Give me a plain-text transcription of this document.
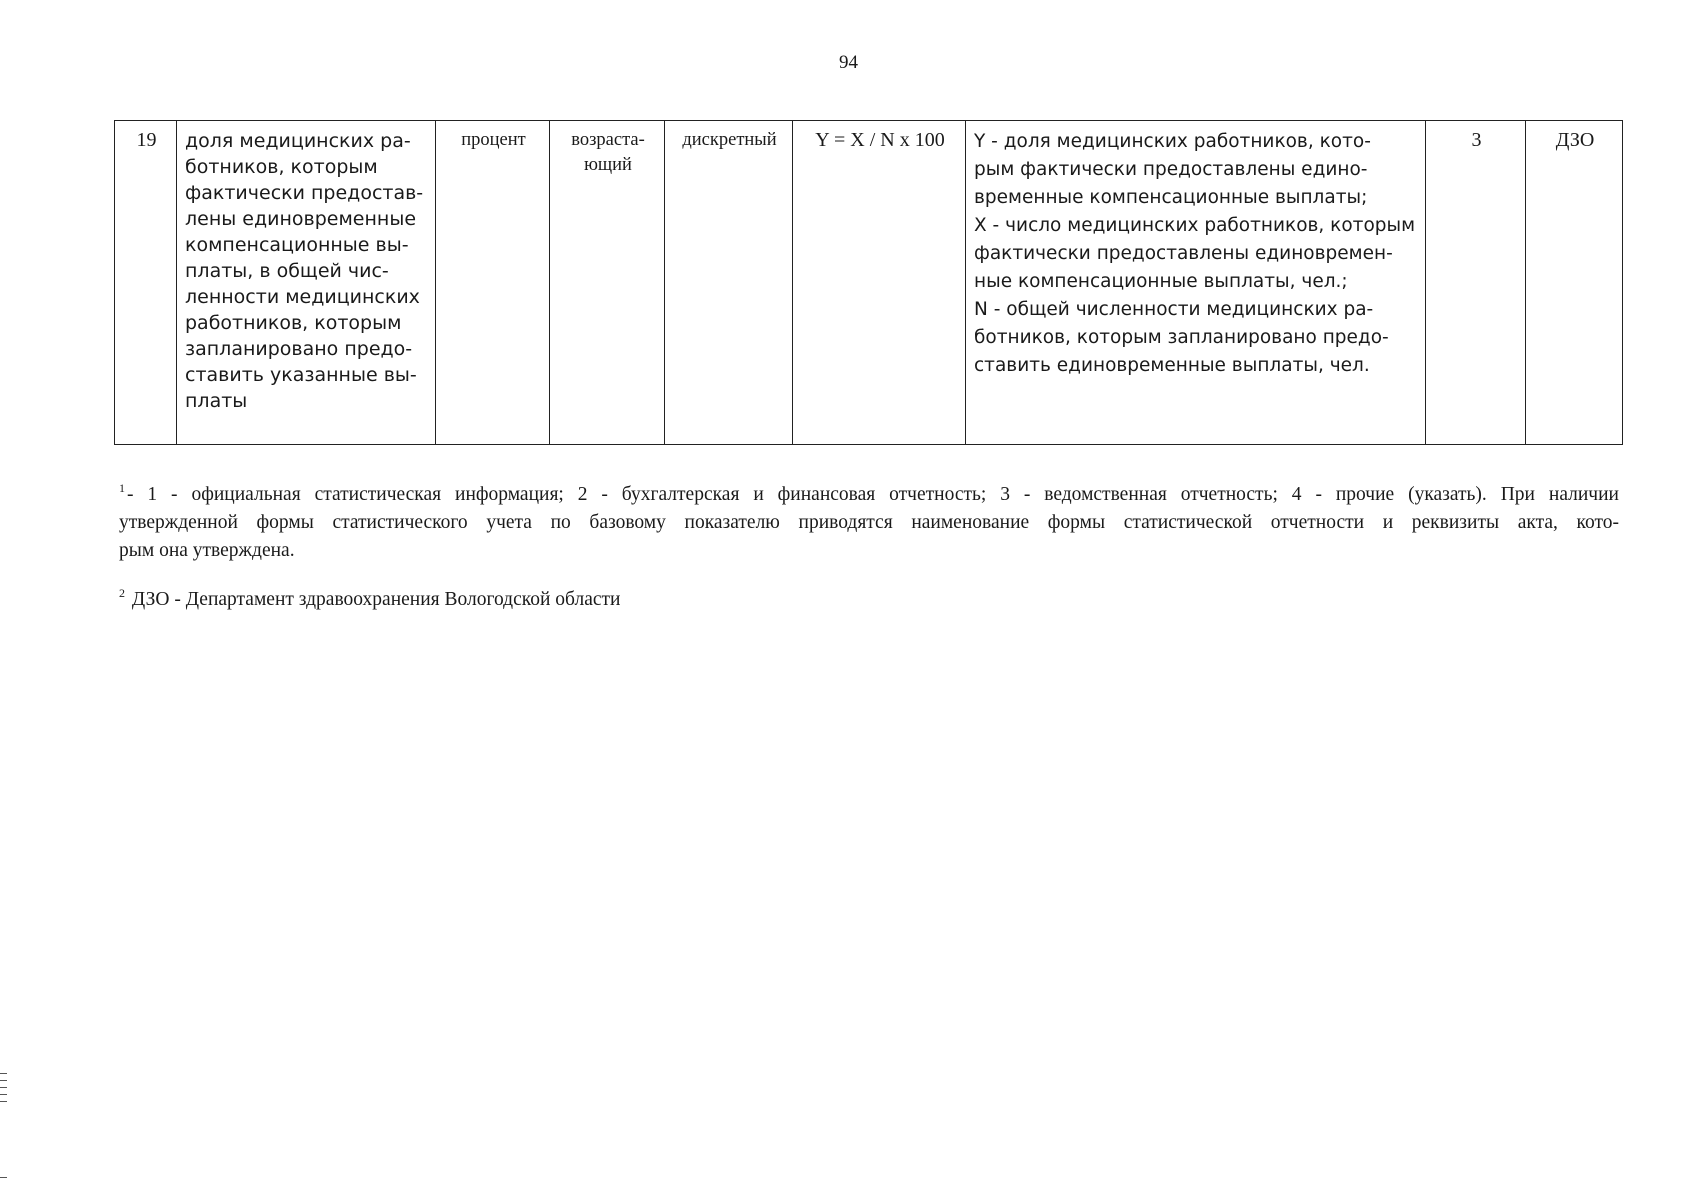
94
19	доля медицинских ра-
ботников, которым
фактически предостав-
лены единовременные
компенсационные вы-
платы, в общей чис-
ленности медицинских
работников, которым
запланировано предо-
ставить указанные вы-
платы
	процент	возраста-
ющий
	дискретный	Y = X / N x 100	Y - доля медицинских работников, кото-
рым фактически предоставлены едино-
временные компенсационные выплаты;
X - число медицинских работников, которым
фактически предоставлены единовремен-
ные компенсационные выплаты, чел.;
N - общей численности медицинских ра-
ботников, которым запланировано предо-
ставить единовременные выплаты, чел.
	3	ДЗО
$^1$ - 1 - официальная статистическая информация; 2 - бухгалтерская и финансовая отчетность; 3 - ведомственная отчетность; 4 - прочие (указать). При наличии
утвержденной формы статистического учета по базовому показателю приводятся наименование формы статистической отчетности и реквизиты акта, кото-
рым она утверждена.
$^2$ ДЗО - Департамент здравоохранения Вологодской области
